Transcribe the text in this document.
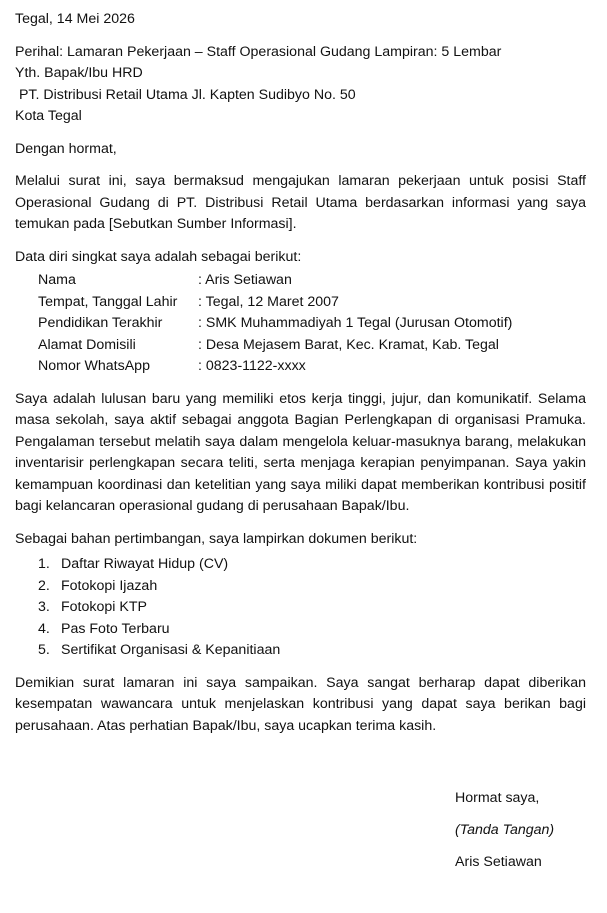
Tegal, 14 Mei 2026
Perihal: Lamaran Pekerjaan – Staff Operasional Gudang Lampiran: 5 Lembar
Yth. Bapak/Ibu HRD
PT. Distribusi Retail Utama Jl. Kapten Sudibyo No. 50
Kota Tegal
Dengan hormat,
Melalui surat ini, saya bermaksud mengajukan lamaran pekerjaan untuk posisi Staff Operasional Gudang di PT. Distribusi Retail Utama berdasarkan informasi yang saya temukan pada [Sebutkan Sumber Informasi].
Data diri singkat saya adalah sebagai berikut:
Nama	: Aris Setiawan
Tempat, Tanggal Lahir	: Tegal, 12 Maret 2007
Pendidikan Terakhir	: SMK Muhammadiyah 1 Tegal (Jurusan Otomotif)
Alamat Domisili	: Desa Mejasem Barat, Kec. Kramat, Kab. Tegal
Nomor WhatsApp	: 0823-1122-xxxx
Saya adalah lulusan baru yang memiliki etos kerja tinggi, jujur, dan komunikatif. Selama masa sekolah, saya aktif sebagai anggota Bagian Perlengkapan di organisasi Pramuka. Pengalaman tersebut melatih saya dalam mengelola keluar-masuknya barang, melakukan inventarisir perlengkapan secara teliti, serta menjaga kerapian penyimpanan. Saya yakin kemampuan koordinasi dan ketelitian yang saya miliki dapat memberikan kontribusi positif bagi kelancaran operasional gudang di perusahaan Bapak/Ibu.
Sebagai bahan pertimbangan, saya lampirkan dokumen berikut:
1. Daftar Riwayat Hidup (CV)
2. Fotokopi Ijazah
3. Fotokopi KTP
4. Pas Foto Terbaru
5. Sertifikat Organisasi & Kepanitiaan
Demikian surat lamaran ini saya sampaikan. Saya sangat berharap dapat diberikan kesempatan wawancara untuk menjelaskan kontribusi yang dapat saya berikan bagi perusahaan. Atas perhatian Bapak/Ibu, saya ucapkan terima kasih.
Hormat saya,
(Tanda Tangan)
Aris Setiawan
